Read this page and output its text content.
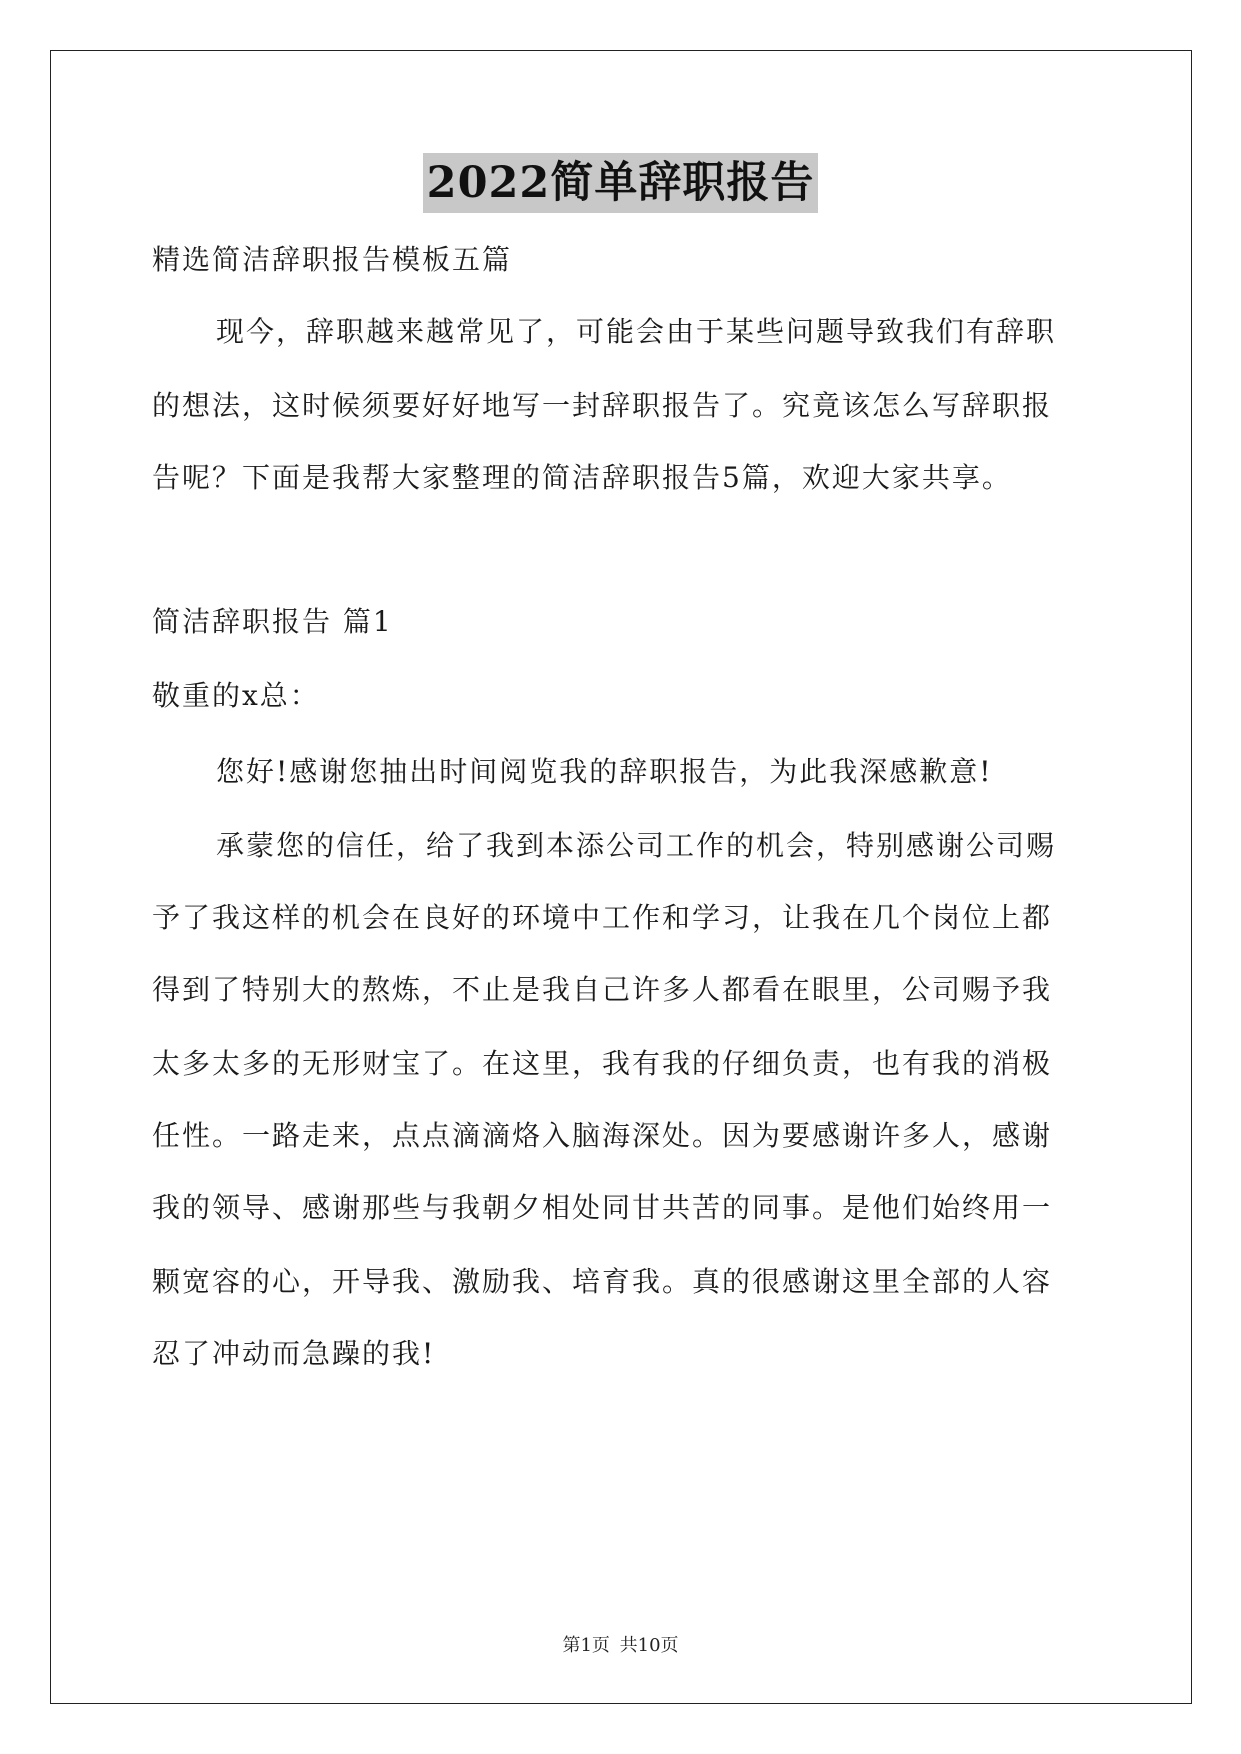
2022简单辞职报告
精选简洁辞职报告模板五篇
现今，辞职越来越常见了，可能会由于某些问题导致我们有辞职
的想法，这时候须要好好地写一封辞职报告了。究竟该怎么写辞职报
告呢？下面是我帮大家整理的简洁辞职报告5篇，欢迎大家共享。
简洁辞职报告 篇1
敬重的x总：
您好!感谢您抽出时间阅览我的辞职报告，为此我深感歉意!
承蒙您的信任，给了我到本添公司工作的机会，特别感谢公司赐
予了我这样的机会在良好的环境中工作和学习，让我在几个岗位上都
得到了特别大的熬炼，不止是我自己许多人都看在眼里，公司赐予我
太多太多的无形财宝了。在这里，我有我的仔细负责，也有我的消极
任性。一路走来，点点滴滴烙入脑海深处。因为要感谢许多人，感谢
我的领导、感谢那些与我朝夕相处同甘共苦的同事。是他们始终用一
颗宽容的心，开导我、激励我、培育我。真的很感谢这里全部的人容
忍了冲动而急躁的我!
第1页 共10页
